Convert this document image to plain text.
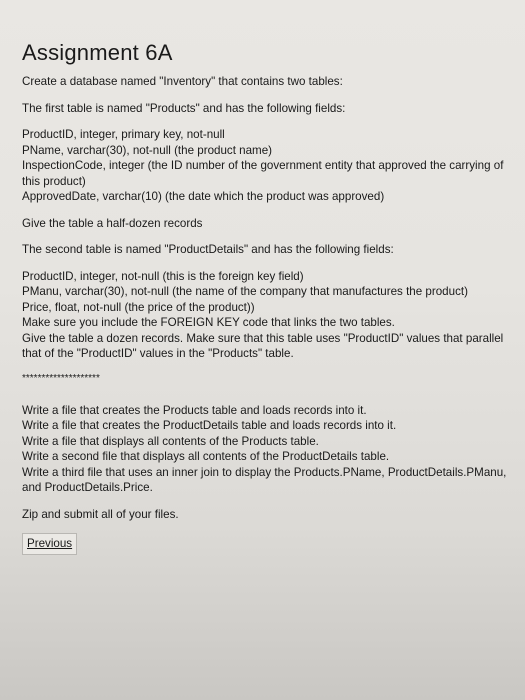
Assignment 6A

Create a database named "Inventory" that contains two tables:

The first table is named "Products" and has the following fields:

ProductID, integer, primary key, not-null
PName, varchar(30), not-null (the product name)
InspectionCode, integer (the ID number of the government entity that approved the carrying of this product)
ApprovedDate, varchar(10) (the date which the product was approved)

Give the table a half-dozen records

The second table is named "ProductDetails" and has the following fields:

ProductID, integer, not-null (this is the foreign key field)
PManu, varchar(30), not-null (the name of the company that manufactures the product)
Price, float, not-null (the price of the product))
Make sure you include the FOREIGN KEY code that links the two tables.
Give the table a dozen records. Make sure that this table uses "ProductID" values that parallel that of the "ProductID" values in the "Products" table.

********************

Write a file that creates the Products table and loads records into it.
Write a file that creates the ProductDetails table and loads records into it.
Write a file that displays all contents of the Products table.
Write a second file that displays all contents of the ProductDetails table.
Write a third file that uses an inner join to display the Products.PName, ProductDetails.PManu, and ProductDetails.Price.

Zip and submit all of your files.

Previous
